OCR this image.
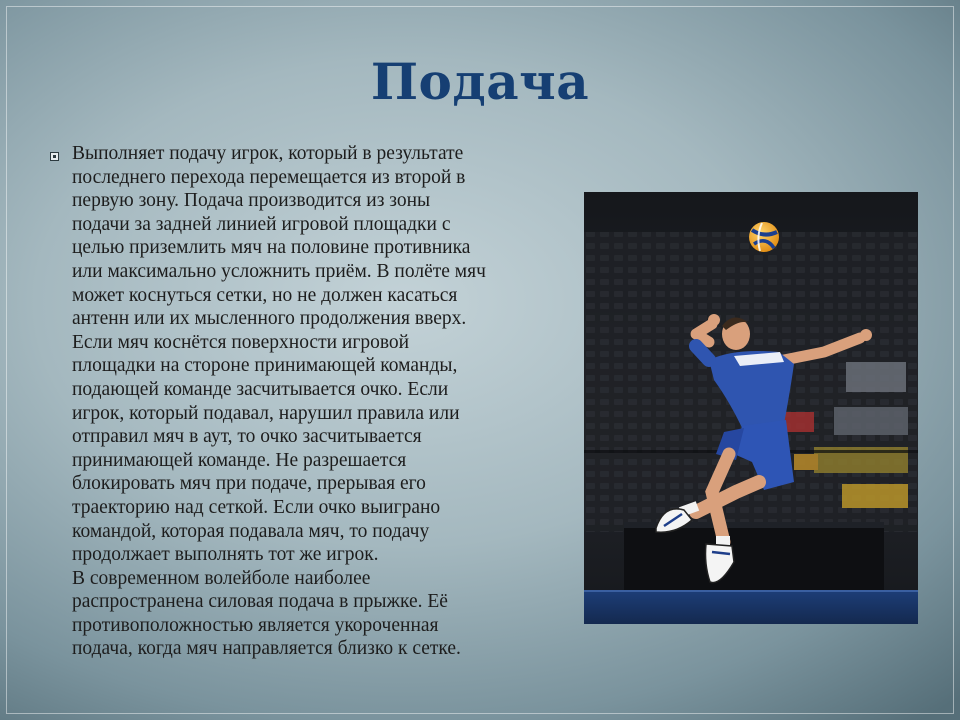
Подача
Выполняет подачу игрок, который в результате
последнего перехода перемещается из второй в
первую зону. Подача производится из зоны
подачи за задней линией игровой площадки с
целью приземлить мяч на половине противника
или максимально усложнить приём. В полёте мяч
может коснуться сетки, но не должен касаться
антенн или их мысленного продолжения вверх.
Если мяч коснётся поверхности игровой
площадки на стороне принимающей команды,
подающей команде засчитывается очко. Если
игрок, который подавал, нарушил правила или
отправил мяч в аут, то очко засчитывается
принимающей команде. Не разрешается
блокировать мяч при подаче, прерывая его
траекторию над сеткой. Если очко выиграно
командой, которая подавала мяч, то подачу
продолжает выполнять тот же игрок.
В современном волейболе наиболее
распространена силовая подача в прыжке. Её
противоположностью является укороченная
подача, когда мяч направляется близко к сетке.
